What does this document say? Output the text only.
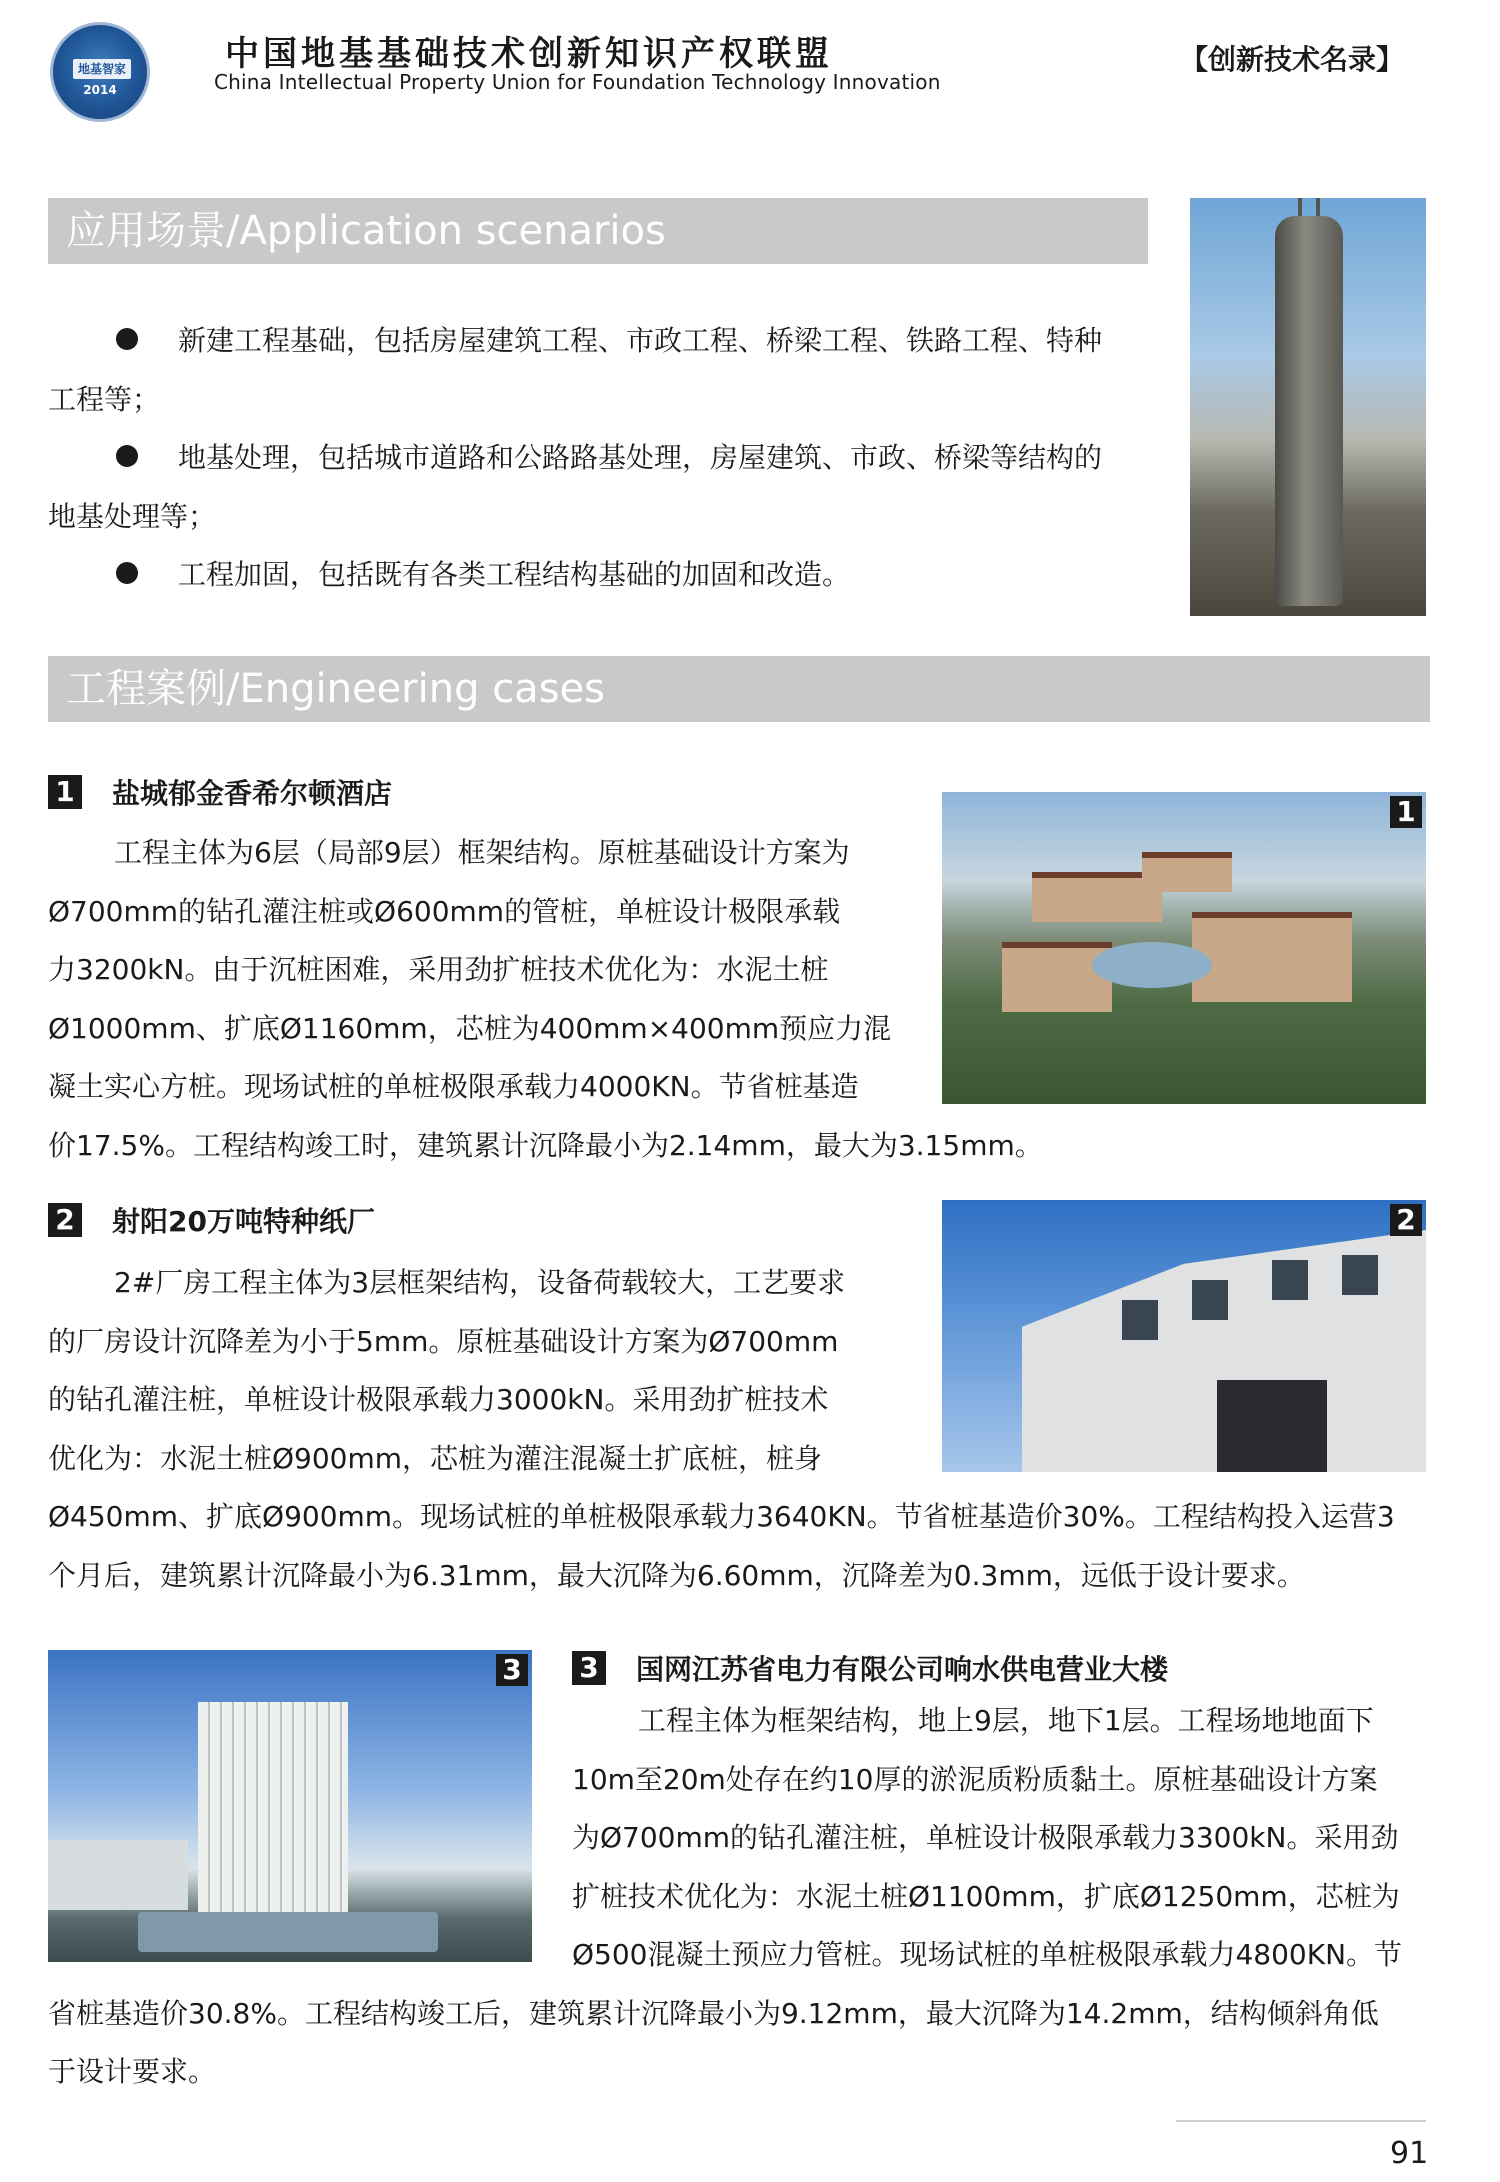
地基智家
2014
中国地基基础技术创新知识产权联盟
China Intellectual Property Union for Foundation Technology Innovation
【创新技术名录】
应用场景/Application scenarios
新建工程基础，包括房屋建筑工程、市政工程、桥梁工程、铁路工程、特种
工程等；
地基处理，包括城市道路和公路路基处理，房屋建筑、市政、桥梁等结构的
地基处理等；
工程加固，包括既有各类工程结构基础的加固和改造。
工程案例/Engineering cases
1 盐城郁金香希尔顿酒店
工程主体为6层（局部9层）框架结构。原桩基础设计方案为
Ø700mm的钻孔灌注桩或Ø600mm的管桩，单桩设计极限承载
力3200kN。由于沉桩困难，采用劲扩桩技术优化为：水泥土桩
Ø1000mm、扩底Ø1160mm，芯桩为400mm×400mm预应力混
凝土实心方桩。现场试桩的单桩极限承载力4000KN。节省桩基造
价17.5%。工程结构竣工时，建筑累计沉降最小为2.14mm，最大为3.15mm。
1
2 射阳20万吨特种纸厂
2#厂房工程主体为3层框架结构，设备荷载较大，工艺要求
的厂房设计沉降差为小于5mm。原桩基础设计方案为Ø700mm
的钻孔灌注桩，单桩设计极限承载力3000kN。采用劲扩桩技术
优化为：水泥土桩Ø900mm，芯桩为灌注混凝土扩底桩，桩身
Ø450mm、扩底Ø900mm。现场试桩的单桩极限承载力3640KN。节省桩基造价30%。工程结构投入运营3
个月后，建筑累计沉降最小为6.31mm，最大沉降为6.60mm，沉降差为0.3mm，远低于设计要求。
2
3 3 国网江苏省电力有限公司响水供电营业大楼
工程主体为框架结构，地上9层，地下1层。工程场地地面下
10m至20m处存在约10厚的淤泥质粉质黏土。原桩基础设计方案
为Ø700mm的钻孔灌注桩，单桩设计极限承载力3300kN。采用劲
扩桩技术优化为：水泥土桩Ø1100mm，扩底Ø1250mm，芯桩为
Ø500混凝土预应力管桩。现场试桩的单桩极限承载力4800KN。节
省桩基造价30.8%。工程结构竣工后，建筑累计沉降最小为9.12mm，最大沉降为14.2mm，结构倾斜角低
于设计要求。
91
